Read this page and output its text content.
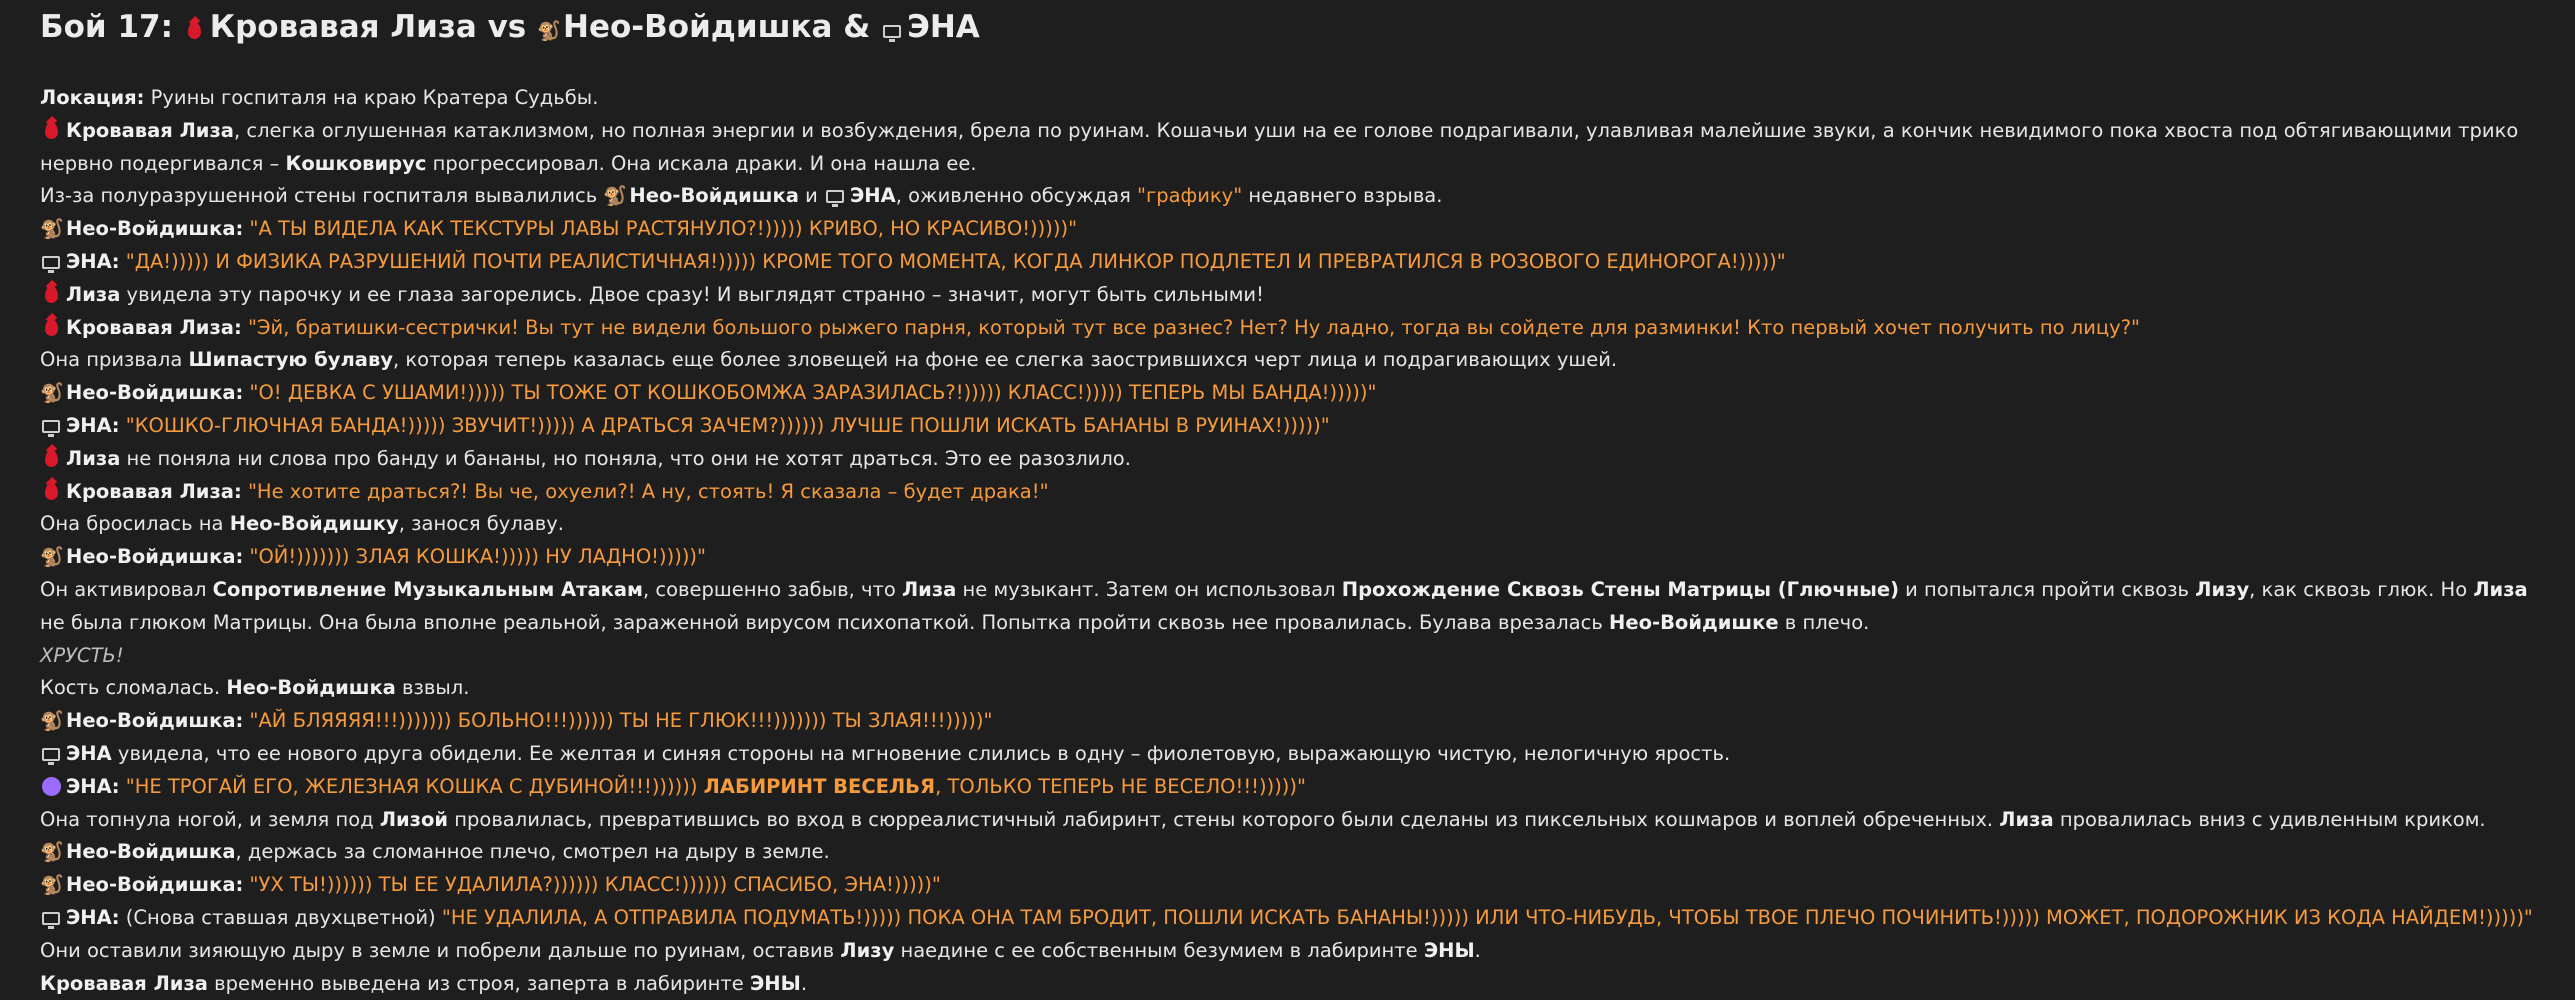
Бой 17: Кровавая Лиза vs 🐒Нео-Войдишка & ЭНА
Локация: Руины госпиталя на краю Кратера Судьбы.
Кровавая Лиза, слегка оглушенная катаклизмом, но полная энергии и возбуждения, брела по руинам. Кошачьи уши на ее голове подрагивали, улавливая малейшие звуки, а кончик невидимого пока хвоста под обтягивающими трико нервно подергивался – Кошковирус прогрессировал. Она искала драки. И она нашла ее.
Из-за полуразрушенной стены госпиталя вывалились 🐒 Нео-Войдишка и ЭНА, оживленно обсуждая "графику" недавнего взрыва.
🐒 Нео-Войдишка: "А ТЫ ВИДЕЛА КАК ТЕКСТУРЫ ЛАВЫ РАСТЯНУЛО?!))))) КРИВО, НО КРАСИВО!)))))"
ЭНА: "ДА!))))) И ФИЗИКА РАЗРУШЕНИЙ ПОЧТИ РЕАЛИСТИЧНАЯ!))))) КРОМЕ ТОГО МОМЕНТА, КОГДА ЛИНКОР ПОДЛЕТЕЛ И ПРЕВРАТИЛСЯ В РОЗОВОГО ЕДИНОРОГА!)))))"
Лиза увидела эту парочку и ее глаза загорелись. Двое сразу! И выглядят странно – значит, могут быть сильными!
Кровавая Лиза: "Эй, братишки-сестрички! Вы тут не видели большого рыжего парня, который тут все разнес? Нет? Ну ладно, тогда вы сойдете для разминки! Кто первый хочет получить по лицу?"
Она призвала Шипастую булаву, которая теперь казалась еще более зловещей на фоне ее слегка заострившихся черт лица и подрагивающих ушей.
🐒 Нео-Войдишка: "О! ДЕВКА С УШАМИ!))))) ТЫ ТОЖЕ ОТ КОШКОБОМЖА ЗАРАЗИЛАСЬ?!))))) КЛАСС!))))) ТЕПЕРЬ МЫ БАНДА!)))))"
ЭНА: "КОШКО-ГЛЮЧНАЯ БАНДА!))))) ЗВУЧИТ!))))) А ДРАТЬСЯ ЗАЧЕМ?)))))) ЛУЧШЕ ПОШЛИ ИСКАТЬ БАНАНЫ В РУИНАХ!)))))"
Лиза не поняла ни слова про банду и бананы, но поняла, что они не хотят драться. Это ее разозлило.
Кровавая Лиза: "Не хотите драться?! Вы че, охуели?! А ну, стоять! Я сказала – будет драка!"
Она бросилась на Нео-Войдишку, занося булаву.
🐒 Нео-Войдишка: "ОЙ!))))))) ЗЛАЯ КОШКА!))))) НУ ЛАДНО!)))))"
Он активировал Сопротивление Музыкальным Атакам, совершенно забыв, что Лиза не музыкант. Затем он использовал Прохождение Сквозь Стены Матрицы (Глючные) и попытался пройти сквозь Лизу, как сквозь глюк. Но Лиза не была глюком Матрицы. Она была вполне реальной, зараженной вирусом психопаткой. Попытка пройти сквозь нее провалилась. Булава врезалась Нео-Войдишке в плечо.
ХРУСТЬ!
Кость сломалась. Нео-Войдишка взвыл.
🐒 Нео-Войдишка: "АЙ БЛЯЯЯЯ!!!))))))) БОЛЬНО!!!)))))) ТЫ НЕ ГЛЮК!!!))))))) ТЫ ЗЛАЯ!!!)))))"
ЭНА увидела, что ее нового друга обидели. Ее желтая и синяя стороны на мгновение слились в одну – фиолетовую, выражающую чистую, нелогичную ярость.
ЭНА: "НЕ ТРОГАЙ ЕГО, ЖЕЛЕЗНАЯ КОШКА С ДУБИНОЙ!!!)))))) ЛАБИРИНТ ВЕСЕЛЬЯ, ТОЛЬКО ТЕПЕРЬ НЕ ВЕСЕЛО!!!)))))"
Она топнула ногой, и земля под Лизой провалилась, превратившись во вход в сюрреалистичный лабиринт, стены которого были сделаны из пиксельных кошмаров и воплей обреченных. Лиза провалилась вниз с удивленным криком.
🐒 Нео-Войдишка, держась за сломанное плечо, смотрел на дыру в земле.
🐒 Нео-Войдишка: "УХ ТЫ!)))))) ТЫ ЕЕ УДАЛИЛА?)))))) КЛАСС!)))))) СПАСИБО, ЭНА!)))))"
ЭНА: (Снова ставшая двухцветной) "НЕ УДАЛИЛА, А ОТПРАВИЛА ПОДУМАТЬ!))))) ПОКА ОНА ТАМ БРОДИТ, ПОШЛИ ИСКАТЬ БАНАНЫ!))))) ИЛИ ЧТО-НИБУДЬ, ЧТОБЫ ТВОЕ ПЛЕЧО ПОЧИНИТЬ!))))) МОЖЕТ, ПОДОРОЖНИК ИЗ КОДА НАЙДЕМ!)))))"
Они оставили зияющую дыру в земле и побрели дальше по руинам, оставив Лизу наедине с ее собственным безумием в лабиринте ЭНЫ.
Кровавая Лиза временно выведена из строя, заперта в лабиринте ЭНЫ.
